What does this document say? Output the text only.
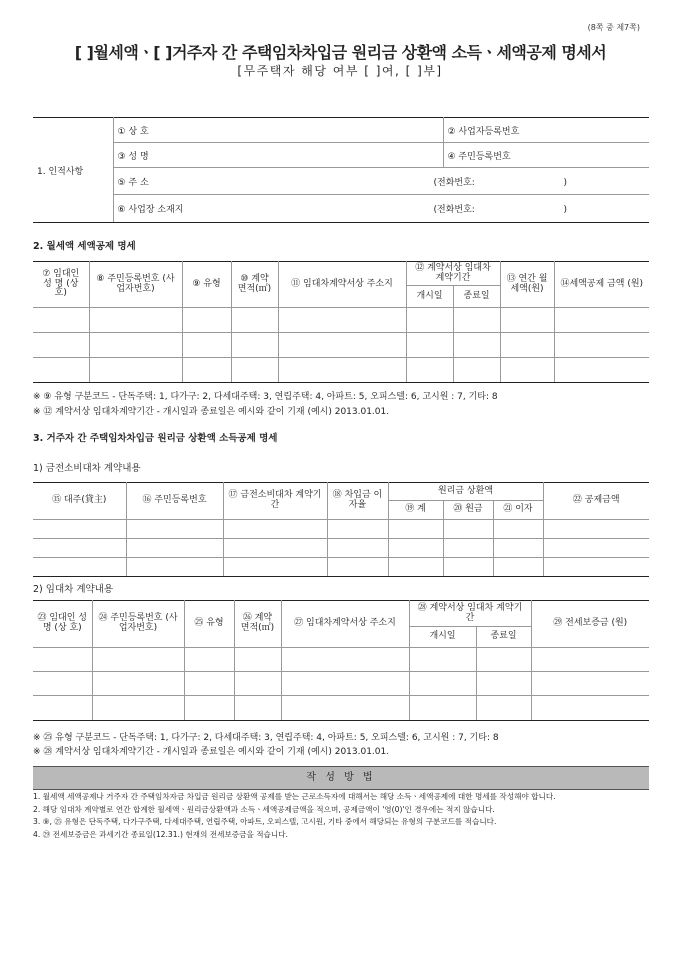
(8쪽 중 제7쪽)
[ ]월세액ㆍ[ ]거주자 간 주택임차차입금 원리금 상환액 소득ㆍ세액공제 명세서
[무주택자 해당 여부 [ ]여, [ ]부]
1. 인적사항	① 상 호	② 사업자등록번호
	③ 성 명	④ 주민등록번호
	⑤ 주 소 (전화번호: )	
	⑥ 사업장 소재지 (전화번호: )	
2. 월세액 세액공제 명세
⑦ 임대인 성 명 (상 호)	⑧ 주민등록번호 (사업자번호)	⑨ 유형	⑩ 계약 면적(㎡)	⑪ 임대차계약서상 주소지	⑫ 계약서상 임대차 계약기간		⑬ 연간 월세액(원)	⑭세액공제 금액 (원)
					개시일	종료일		

※ ⑨ 유형 구분코드 - 단독주택: 1, 다가구: 2, 다세대주택: 3, 연립주택: 4, 아파트: 5, 오피스텔: 6, 고시원 : 7, 기타: 8
※ ⑫ 계약서상 임대차계약기간 - 개시일과 종료일은 예시와 같이 기재 (예시) 2013.01.01.
3. 거주자 간 주택임차차입금 원리금 상환액 소득공제 명세
1) 금전소비대차 계약내용
⑮ 대주(貸主)	⑯ 주민등록번호	⑰ 금전소비대차 계약기간	⑱ 차입금 이자율	원리금 상환액			㉒ 공제금액
				⑲ 계	⑳ 원금	㉑ 이자	

2) 임대차 계약내용
㉓ 임대인 성 명 (상 호)	㉔ 주민등록번호 (사업자번호)	㉕ 유형	㉖ 계약 면적(㎡)	㉗ 임대차계약서상 주소지	㉘ 계약서상 임대차 계약기간		㉙ 전세보증금 (원)
					개시일	종료일	

※ ㉕ 유형 구분코드 - 단독주택: 1, 다가구: 2, 다세대주택: 3, 연립주택: 4, 아파트: 5, 오피스텔: 6, 고시원 : 7, 기타: 8
※ ㉘ 계약서상 임대차계약기간 - 개시일과 종료일은 예시와 같이 기재 (예시) 2013.01.01.
작 성 방 법
1. 월세액 세액공제나 거주자 간 주택임차자금 차입금 원리금 상환액 공제를 받는 근로소득자에 대해서는 해당 소득ㆍ세액공제에 대한 명세를 작성해야 합니다.
2. 해당 임대차 계약별로 연간 합계한 월세액ㆍ원리금상환액과 소득ㆍ세액공제금액을 적으며, 공제금액이 '영(0)'인 경우에는 적지 않습니다.
3. ⑨, ㉕ 유형은 단독주택, 다가구주택, 다세대주택, 연립주택, 아파트, 오피스텔, 고시원, 기타 중에서 해당되는 유형의 구분코드를 적습니다.
4. ㉙ 전세보증금은 과세기간 종료일(12.31.) 현재의 전세보증금을 적습니다.
